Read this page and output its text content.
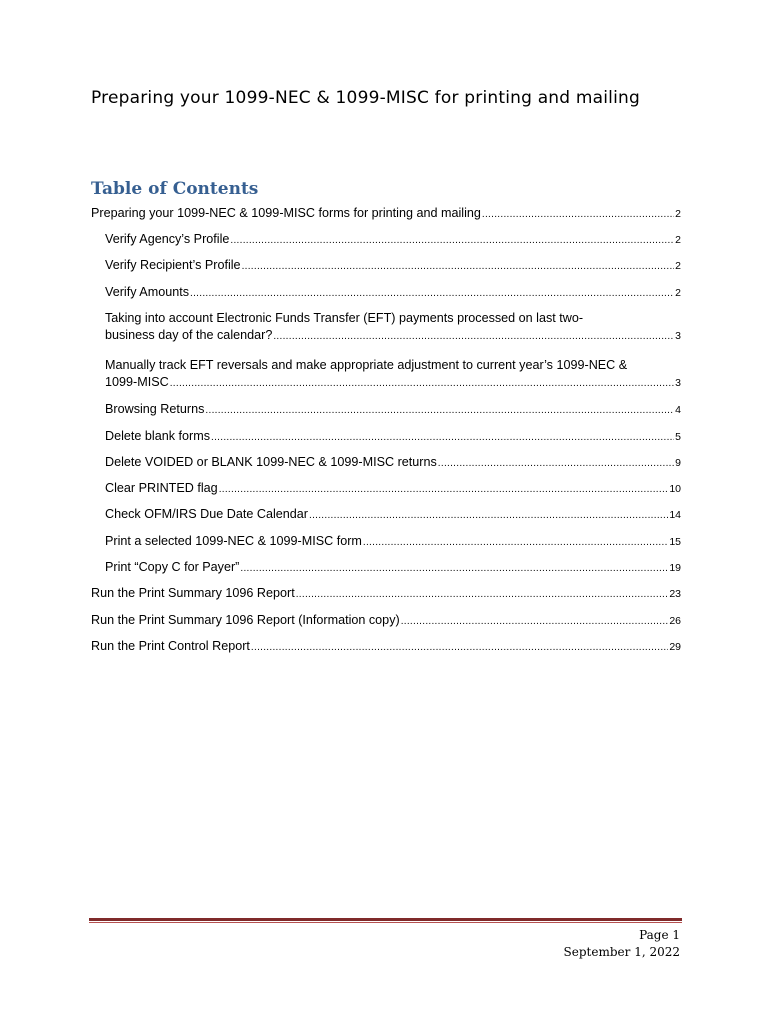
Preparing your 1099-NEC & 1099-MISC for printing and mailing
Table of Contents
Preparing your 1099-NEC & 1099-MISC forms for printing and mailing .....	2
Verify Agency’s Profile .....	2
Verify Recipient’s Profile .....	2
Verify Amounts .....	2
Taking into account Electronic Funds Transfer (EFT) payments processed on last two-
business day of the calendar? .....	3
Manually track EFT reversals and make appropriate adjustment to current year’s 1099-NEC &
1099-MISC .....	3
Browsing Returns .....	4
Delete blank forms .....	5
Delete VOIDED or BLANK 1099-NEC & 1099-MISC returns .....	9
Clear PRINTED flag .....	10
Check OFM/IRS Due Date Calendar .....	14
Print a selected 1099-NEC & 1099-MISC form .....	15
Print “Copy C for Payer” .....	19
Run the Print Summary 1096 Report .....	23
Run the Print Summary 1096 Report (Information copy) .....	26
Run the Print Control Report .....	29
Page 1
September 1, 2022
